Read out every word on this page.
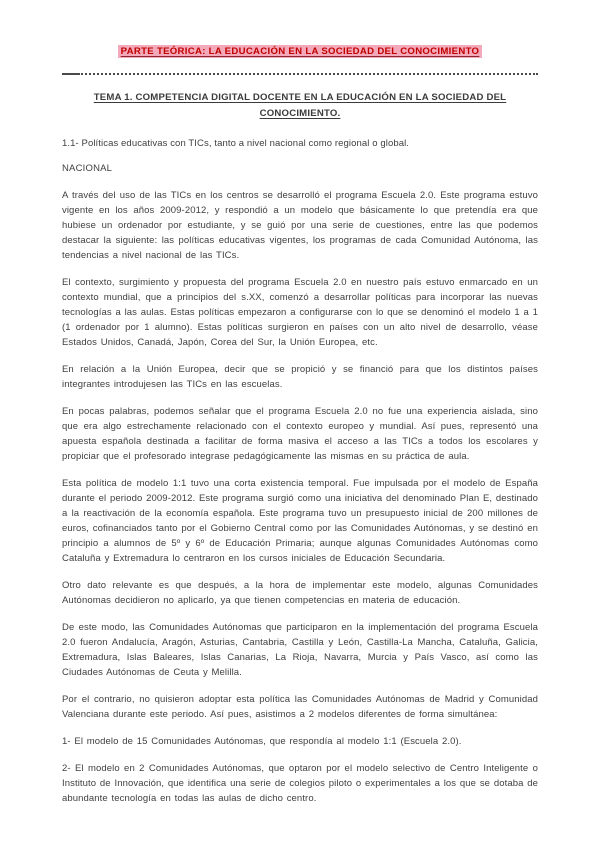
PARTE TEÓRICA: LA EDUCACIÓN EN LA SOCIEDAD DEL CONOCIMIENTO
TEMA 1. COMPETENCIA DIGITAL DOCENTE EN LA EDUCACIÓN EN LA SOCIEDAD DEL CONOCIMIENTO.

1.1- Políticas educativas con TICs, tanto a nivel nacional como regional o global.

NACIONAL

A través del uso de las TICs en los centros se desarrolló el programa Escuela 2.0. Este programa estuvo vigente en los años 2009-2012, y respondió a un modelo que básicamente lo que pretendía era que hubiese un ordenador por estudiante, y se guió por una serie de cuestiones, entre las que podemos destacar la siguiente: las políticas educativas vigentes, los programas de cada Comunidad Autónoma, las tendencias a nivel nacional de las TICs.

El contexto, surgimiento y propuesta del programa Escuela 2.0 en nuestro país estuvo enmarcado en un contexto mundial, que a principios del s.XX, comenzó a desarrollar políticas para incorporar las nuevas tecnologías a las aulas. Estas políticas empezaron a configurarse con lo que se denominó el modelo 1 a 1 (1 ordenador por 1 alumno). Estas políticas surgieron en países con un alto nivel de desarrollo, véase Estados Unidos, Canadá, Japón, Corea del Sur, la Unión Europea, etc.

En relación a la Unión Europea, decir que se propició y se financió para que los distintos países integrantes introdujesen las TICs en las escuelas.

En pocas palabras, podemos señalar que el programa Escuela 2.0 no fue una experiencia aislada, sino que era algo estrechamente relacionado con el contexto europeo y mundial. Así pues, representó una apuesta española destinada a facilitar de forma masiva el acceso a las TICs a todos los escolares y propiciar que el profesorado integrase pedagógicamente las mismas en su práctica de aula.

Esta política de modelo 1:1 tuvo una corta existencia temporal. Fue impulsada por el modelo de España durante el periodo 2009-2012. Este programa surgió como una iniciativa del denominado Plan E, destinado a la reactivación de la economía española. Este programa tuvo un presupuesto inicial de 200 millones de euros, cofinanciados tanto por el Gobierno Central como por las Comunidades Autónomas, y se destinó en principio a alumnos de 5º y 6º de Educación Primaria; aunque algunas Comunidades Autónomas como Cataluña y Extremadura lo centraron en los cursos iniciales de Educación Secundaria.

Otro dato relevante es que después, a la hora de implementar este modelo, algunas Comunidades Autónomas decidieron no aplicarlo, ya que tienen competencias en materia de educación.

De este modo, las Comunidades Autónomas que participaron en la implementación del programa Escuela 2.0 fueron Andalucía, Aragón, Asturias, Cantabria, Castilla y León, Castilla-La Mancha, Cataluña, Galicia, Extremadura, Islas Baleares, Islas Canarias, La Rioja, Navarra, Murcia y País Vasco, así como las Ciudades Autónomas de Ceuta y Melilla.

Por el contrario, no quisieron adoptar esta política las Comunidades Autónomas de Madrid y Comunidad Valenciana durante este periodo. Así pues, asistimos a 2 modelos diferentes de forma simultánea:

1- El modelo de 15 Comunidades Autónomas, que respondía al modelo 1:1 (Escuela 2.0).

2- El modelo en 2 Comunidades Autónomas, que optaron por el modelo selectivo de Centro Inteligente o Instituto de Innovación, que identifica una serie de colegios piloto o experimentales a los que se dotaba de abundante tecnología en todas las aulas de dicho centro.
